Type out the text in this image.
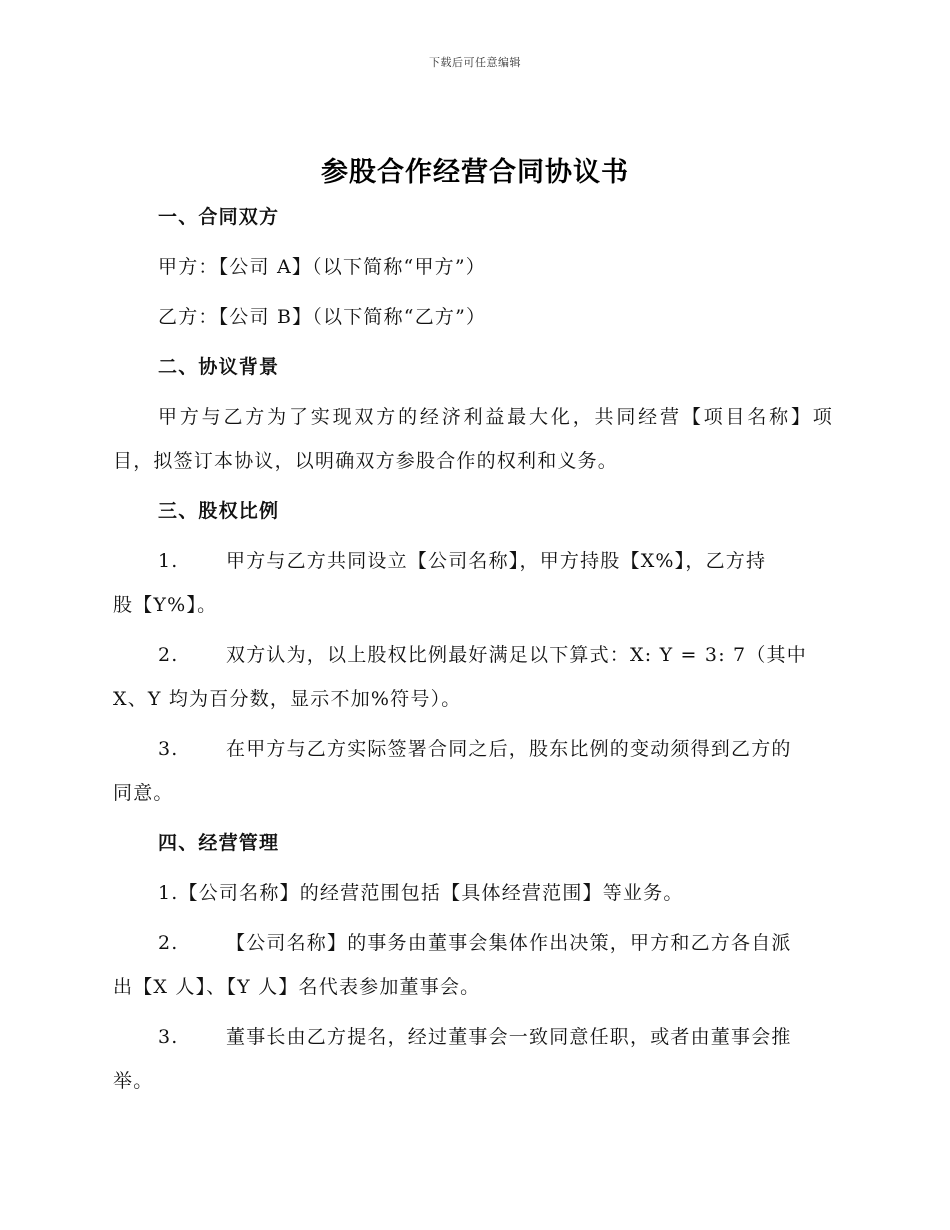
下载后可任意编辑
参股合作经营合同协议书
一、合同双方
甲方：【公司 A】（以下简称“甲方”）
乙方：【公司 B】（以下简称“乙方”）
二、协议背景
甲方与乙方为了实现双方的经济利益最大化，共同经营【项目名称】项
目，拟签订本协议，以明确双方参股合作的权利和义务。
三、股权比例
1. 甲方与乙方共同设立【公司名称】，甲方持股【X%】，乙方持
股【Y%】。
2. 双方认为，以上股权比例最好满足以下算式：X: Y = 3: 7（其中
X、Y 均为百分数，显示不加%符号）。
3. 在甲方与乙方实际签署合同之后，股东比例的变动须得到乙方的
同意。
四、经营管理
1.【公司名称】的经营范围包括【具体经营范围】等业务。
2. 【公司名称】的事务由董事会集体作出决策，甲方和乙方各自派
出【X 人】、【Y 人】名代表参加董事会。
3. 董事长由乙方提名，经过董事会一致同意任职，或者由董事会推
举。
